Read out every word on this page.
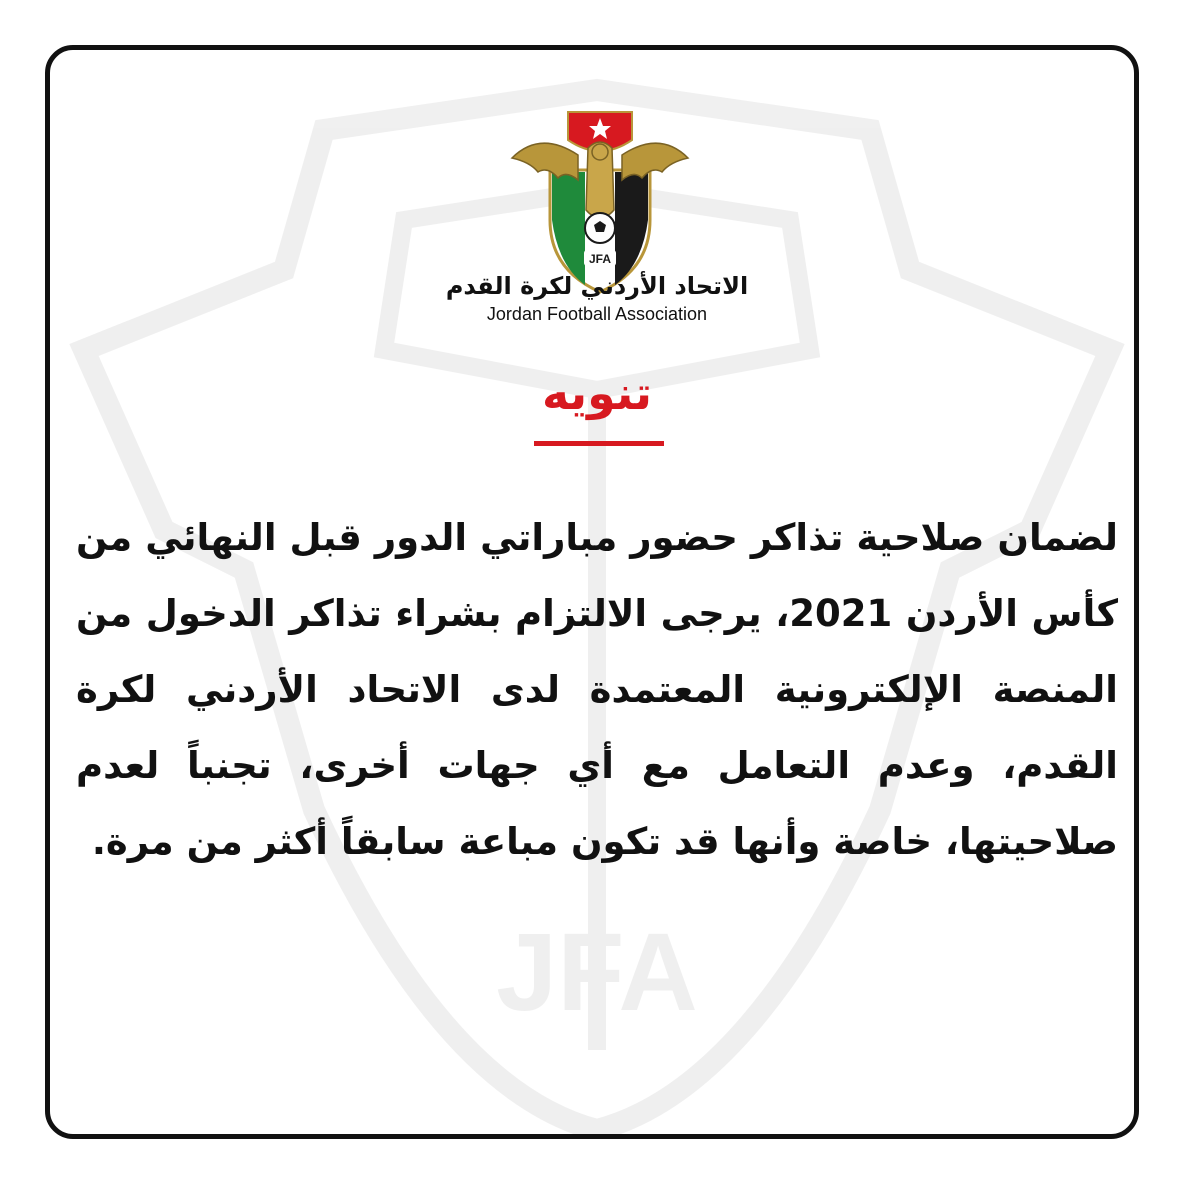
JFA
JFA
الاتحاد الأردني لكرة القدم
Jordan Football Association
تنويه
لضمان صلاحية تذاكر حضور مباراتي الدور قبل النهائي من كأس الأردن 2021، يرجى الالتزام بشراء تذاكر الدخول من المنصة الإلكترونية المعتمدة لدى الاتحاد الأردني لكرة القدم، وعدم التعامل مع أي جهات أخرى، تجنباً لعدم صلاحيتها، خاصة وأنها قد تكون مباعة سابقاً أكثر من مرة.
